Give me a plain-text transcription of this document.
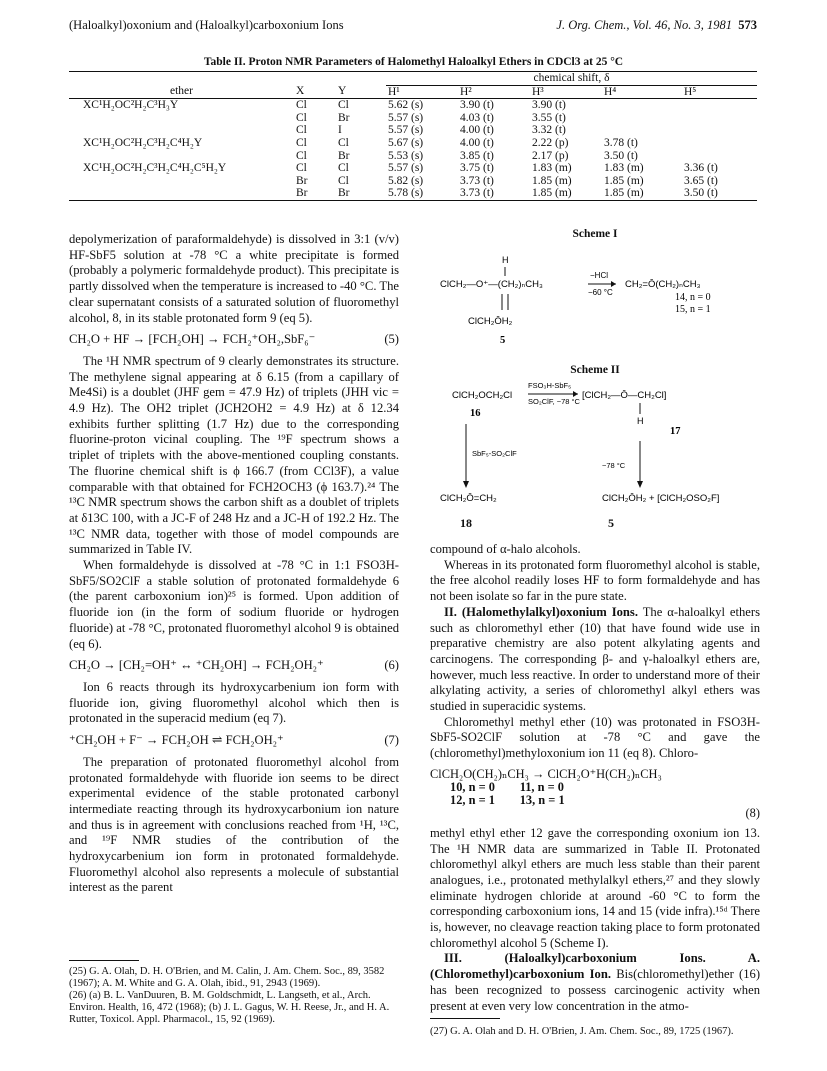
(Haloalkyl)oxonium and (Haloalkyl)carboxonium Ions	J. Org. Chem., Vol. 46, No. 3, 1981 573
Table II. Proton NMR Parameters of Halomethyl Haloalkyl Ethers in CDCl3 at 25 °C
			chemical shift, δ				
ether	X	Y	H¹	H²	H³	H⁴	H⁵
XC¹H₂OC²H₂C³H₃Y	Cl	Cl	5.62 (s)	3.90 (t)	3.90 (t)		
	Cl	Br	5.57 (s)	4.03 (t)	3.55 (t)		
	Cl	I	5.57 (s)	4.00 (t)	3.32 (t)		
XC¹H₂OC²H₂C³H₂C⁴H₂Y	Cl	Cl	5.67 (s)	4.00 (t)	2.22 (p)	3.78 (t)	
	Cl	Br	5.53 (s)	3.85 (t)	2.17 (p)	3.50 (t)	
XC¹H₂OC²H₂C³H₂C⁴H₂C⁵H₂Y	Cl	Cl	5.57 (s)	3.75 (t)	1.83 (m)	1.83 (m)	3.36 (t)
	Br	Cl	5.82 (s)	3.73 (t)	1.85 (m)	1.85 (m)	3.65 (t)
	Br	Br	5.78 (s)	3.73 (t)	1.85 (m)	1.85 (m)	3.50 (t)

depolymerization of paraformaldehyde) is dissolved in 3:1 (v/v) HF-SbF5 solution at -78 °C a white precipitate is formed (probably a polymeric formaldehyde product). This precipitate is partly dissolved when the temperature is increased to -40 °C. The clear supernatant consists of a saturated solution of fluoromethyl alcohol, 8, in its stable protonated form 9 (eq 5).

CH₂O + HF → [FCH₂OH] → FCH₂⁺OH₂,SbF₆⁻	(5)

The ¹H NMR spectrum of 9 clearly demonstrates its structure. The methylene signal appearing at δ 6.15 (from a capillary of Me4Si) is a doublet (JHF gem = 47.9 Hz) of triplets (JHH vic = 4.9 Hz). The OH2 triplet (JCH2OH2 = 4.9 Hz) at δ 12.34 exhibits further splitting (1.7 Hz) due to the corresponding fluorine-proton vicinal coupling. The ¹⁹F spectrum shows a triplet of triplets with the above-mentioned coupling constants. The fluorine chemical shift is ϕ 166.7 (from CCl3F), a value comparable with that obtained for FCH2OCH3 (ϕ 163.7).²⁴ The ¹³C NMR spectrum shows the carbon shift as a doublet of triplets at δ13C 100, with a JC-F of 248 Hz and a JC-H of 192.2 Hz. The ¹³C NMR data, together with those of model compounds are summarized in Table IV.

When formaldehyde is dissolved at -78 °C in 1:1 FSO3H-SbF5/SO2ClF a stable solution of protonated formaldehyde 6 (the parent carboxonium ion)²⁵ is formed. Upon addition of fluoride ion (in the form of sodium fluoride or hydrogen fluoride) at -78 °C, protonated fluoromethyl alcohol 9 is obtained (eq 6).

CH₂O → [CH₂=OH⁺ ↔ ⁺CH₂OH] → FCH₂OH₂⁺	(6)

Ion 6 reacts through its hydroxycarbenium ion form with fluoride ion, giving fluoromethyl alcohol which then is protonated in the superacid medium (eq 7).

⁺CH₂OH + F⁻ → FCH₂OH ⇌ FCH₂OH₂⁺	(7)

The preparation of protonated fluoromethyl alcohol from protonated formaldehyde with fluoride ion seems to be direct experimental evidence of the stable protonated carbonyl intermediate reacting through its hydroxycarbonium ion nature and thus is in agreement with conclusions reached from ¹H, ¹³C, and ¹⁹F NMR studies of the contribution of the hydroxycarbenium ion form in protonated formaldehyde. Fluoromethyl alcohol also represents a molecule of substantial interest as the parent

(25) G. A. Olah, D. H. O'Brien, and M. Calin, J. Am. Chem. Soc., 89, 3582 (1967); A. M. White and G. A. Olah, ibid., 91, 2943 (1969).
(26) (a) B. L. VanDuuren, B. M. Goldschmidt, L. Langseth, et al., Arch. Environ. Health, 16, 472 (1968); (b) J. L. Gagus, W. H. Reese, Jr., and H. A. Rutter, Toxicol. Appl. Pharmacol., 15, 92 (1969).
Scheme I
H
ClCH₂—O⁺—(CH₂)ₙCH₃
−HCl
−60 °C
CH₂=Ō(CH₂)ₙCH₃
14, n = 0
15, n = 1
ClCH₂ŌH₂
5
Scheme II
ClCH₂OCH₂Cl
FSO₃H-SbF₅
SO₂ClF, −78 °C
[ClCH₂—Ō—CH₂Cl]
16
H
17
SbF₅-SO₂ClF
−78 °C
ClCH₂Ō=CH₂	ClCH₂ŌH₂ + [ClCH₂OSO₂F]
18	5

compound of α-halo alcohols.

Whereas in its protonated form fluoromethyl alcohol is stable, the free alcohol readily loses HF to form formaldehyde and has not been isolate so far in the pure state.

II. (Halomethylalkyl)oxonium Ions. The α-haloalkyl ethers such as chloromethyl ether (10) that have found wide use in preparative chemistry are also potent alkylating agents and carcinogens. The corresponding β- and γ-haloalkyl ethers are, however, much less reactive. In order to understand more of their alkylating activity, a series of chloromethyl alkyl ethers was studied in superacidic systems.

Chloromethyl methyl ether (10) was protonated in FSO3H-SbF5-SO2ClF solution at -78 °C and gave the (chloromethyl)methyloxonium ion 11 (eq 8). Chloro-

ClCH₂O(CH₂)ₙCH₃ → ClCH₂O⁺H(CH₂)ₙCH₃
10, n = 0        11, n = 0
12, n = 1        13, n = 1
(8)

methyl ethyl ether 12 gave the corresponding oxonium ion 13. The ¹H NMR data are summarized in Table II. Protonated chloromethyl alkyl ethers are much less stable than their parent analogues, i.e., protonated methylalkyl ethers,²⁷ and they slowly eliminate hydrogen chloride at around -60 °C to form the corresponding carboxonium ions, 14 and 15 (vide infra).¹⁵ᵈ There is, however, no cleavage reaction taking place to form protonated chloromethyl alcohol 5 (Scheme I).

III. (Haloalkyl)carboxonium Ions. A. (Chloromethyl)carboxonium Ion. Bis(chloromethyl)ether (16) has been recognized to possess carcinogenic activity when present at even very low concentration in the atmo-

(27) G. A. Olah and D. H. O'Brien, J. Am. Chem. Soc., 89, 1725 (1967).
